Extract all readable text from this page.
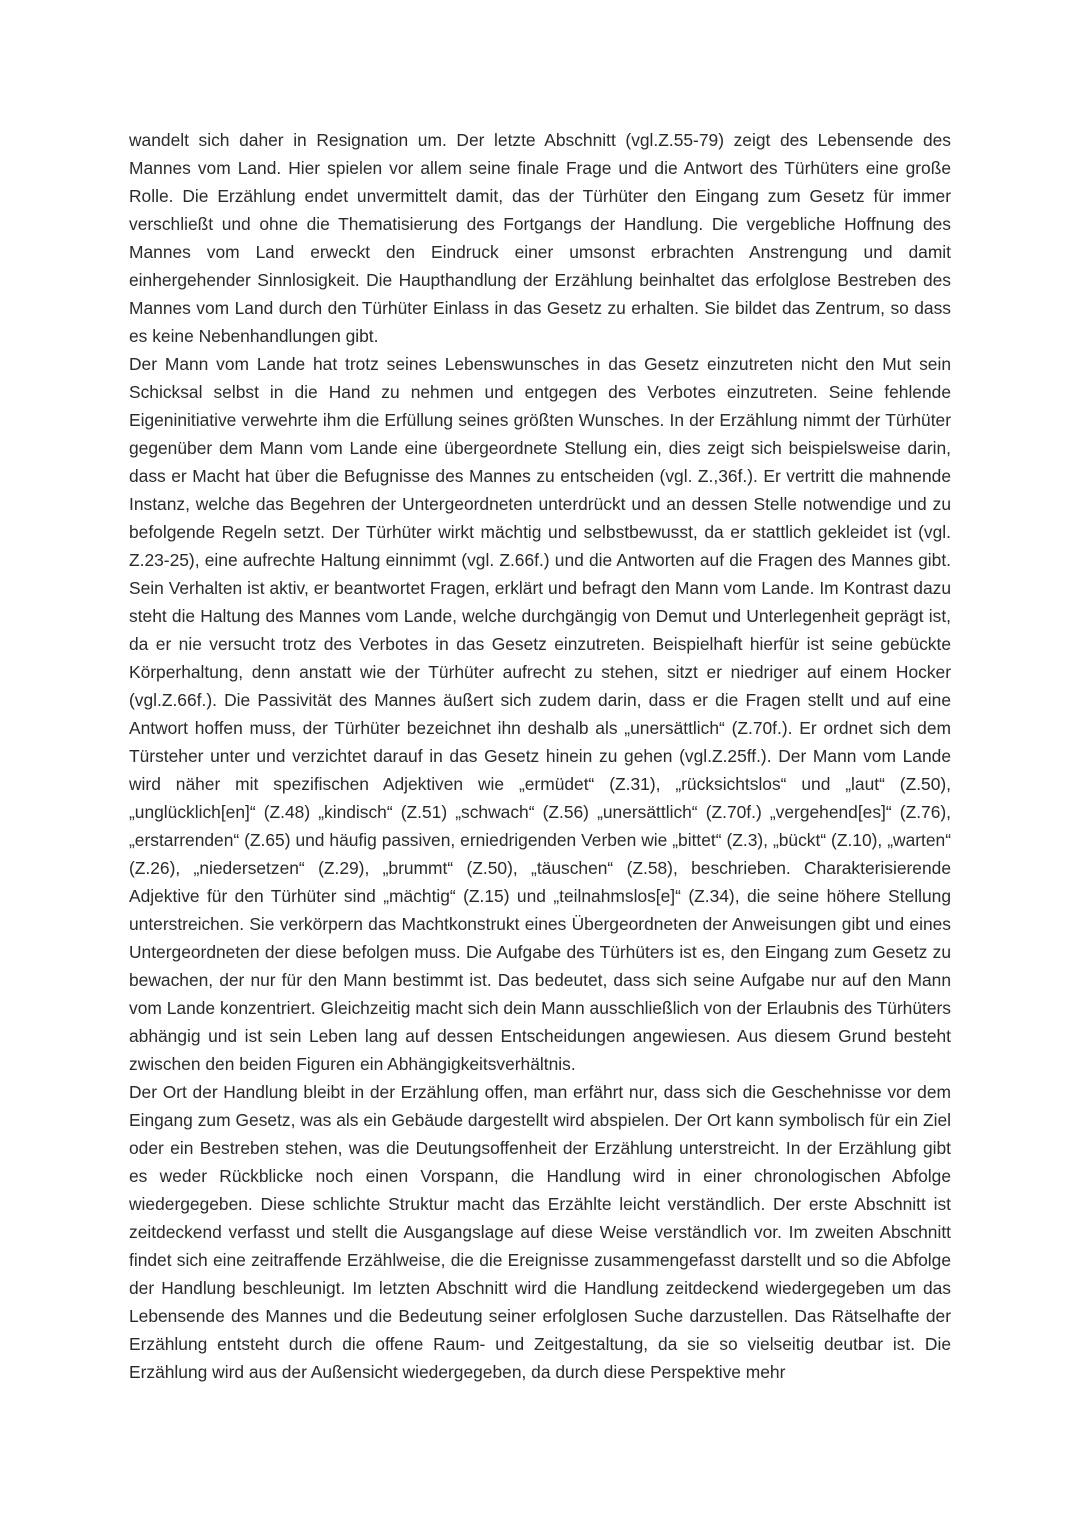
wandelt sich daher in Resignation um. Der letzte Abschnitt (vgl.Z.55-79) zeigt des Lebensende des Mannes vom Land. Hier spielen vor allem seine finale Frage und die Antwort des Türhüters eine große Rolle. Die Erzählung endet unvermittelt damit, das der Türhüter den Eingang zum Gesetz für immer verschließt und ohne die Thematisierung des Fortgangs der Handlung. Die vergebliche Hoffnung des Mannes vom Land erweckt den Eindruck einer umsonst erbrachten Anstrengung und damit einhergehender Sinnlosigkeit. Die Haupthandlung der Erzählung beinhaltet das erfolglose Bestreben des Mannes vom Land durch den Türhüter Einlass in das Gesetz zu erhalten. Sie bildet das Zentrum, so dass es keine Nebenhandlungen gibt.

Der Mann vom Lande hat trotz seines Lebenswunsches in das Gesetz einzutreten nicht den Mut sein Schicksal selbst in die Hand zu nehmen und entgegen des Verbotes einzutreten. Seine fehlende Eigeninitiative verwehrte ihm die Erfüllung seines größten Wunsches. In der Erzählung nimmt der Türhüter gegenüber dem Mann vom Lande eine übergeordnete Stellung ein, dies zeigt sich beispielsweise darin, dass er Macht hat über die Befugnisse des Mannes zu entscheiden (vgl. Z.,36f.). Er vertritt die mahnende Instanz, welche das Begehren der Untergeordneten unterdrückt und an dessen Stelle notwendige und zu befolgende Regeln setzt. Der Türhüter wirkt mächtig und selbstbewusst, da er stattlich gekleidet ist (vgl. Z.23-25), eine aufrechte Haltung einnimmt (vgl. Z.66f.) und die Antworten auf die Fragen des Mannes gibt. Sein Verhalten ist aktiv, er beantwortet Fragen, erklärt und befragt den Mann vom Lande. Im Kontrast dazu steht die Haltung des Mannes vom Lande, welche durchgängig von Demut und Unterlegenheit geprägt ist, da er nie versucht trotz des Verbotes in das Gesetz einzutreten. Beispielhaft hierfür ist seine gebückte Körperhaltung, denn anstatt wie der Türhüter aufrecht zu stehen, sitzt er niedriger auf einem Hocker (vgl.Z.66f.). Die Passivität des Mannes äußert sich zudem darin, dass er die Fragen stellt und auf eine Antwort hoffen muss, der Türhüter bezeichnet ihn deshalb als „unersättlich“ (Z.70f.). Er ordnet sich dem Türsteher unter und verzichtet darauf in das Gesetz hinein zu gehen (vgl.Z.25ff.). Der Mann vom Lande wird näher mit spezifischen Adjektiven wie „ermüdet“ (Z.31), „rücksichtslos“ und „laut“ (Z.50), „unglücklich[en]“ (Z.48) „kindisch“ (Z.51) „schwach“ (Z.56) „unersättlich“ (Z.70f.) „vergehend[es]“ (Z.76), „erstarrenden“ (Z.65) und häufig passiven, erniedrigenden Verben wie „bittet“ (Z.3), „bückt“ (Z.10), „warten“ (Z.26), „niedersetzen“ (Z.29), „brummt“ (Z.50), „täuschen“ (Z.58), beschrieben. Charakterisierende Adjektive für den Türhüter sind „mächtig“ (Z.15) und „teilnahmslos[e]“ (Z.34), die seine höhere Stellung unterstreichen. Sie verkörpern das Machtkonstrukt eines Übergeordneten der Anweisungen gibt und eines Untergeordneten der diese befolgen muss. Die Aufgabe des Türhüters ist es, den Eingang zum Gesetz zu bewachen, der nur für den Mann bestimmt ist. Das bedeutet, dass sich seine Aufgabe nur auf den Mann vom Lande konzentriert. Gleichzeitig macht sich dein Mann ausschließlich von der Erlaubnis des Türhüters abhängig und ist sein Leben lang auf dessen Entscheidungen angewiesen. Aus diesem Grund besteht zwischen den beiden Figuren ein Abhängigkeitsverhältnis.

Der Ort der Handlung bleibt in der Erzählung offen, man erfährt nur, dass sich die Geschehnisse vor dem Eingang zum Gesetz, was als ein Gebäude dargestellt wird abspielen. Der Ort kann symbolisch für ein Ziel oder ein Bestreben stehen, was die Deutungsoffenheit der Erzählung unterstreicht. In der Erzählung gibt es weder Rückblicke noch einen Vorspann, die Handlung wird in einer chronologischen Abfolge wiedergegeben. Diese schlichte Struktur macht das Erzählte leicht verständlich. Der erste Abschnitt ist zeitdeckend verfasst und stellt die Ausgangslage auf diese Weise verständlich vor. Im zweiten Abschnitt findet sich eine zeitraffende Erzählweise, die die Ereignisse zusammengefasst darstellt und so die Abfolge der Handlung beschleunigt. Im letzten Abschnitt wird die Handlung zeitdeckend wiedergegeben um das Lebensende des Mannes und die Bedeutung seiner erfolglosen Suche darzustellen. Das Rätselhafte der Erzählung entsteht durch die offene Raum- und Zeitgestaltung, da sie so vielseitig deutbar ist. Die Erzählung wird aus der Außensicht wiedergegeben, da durch diese Perspektive mehr
